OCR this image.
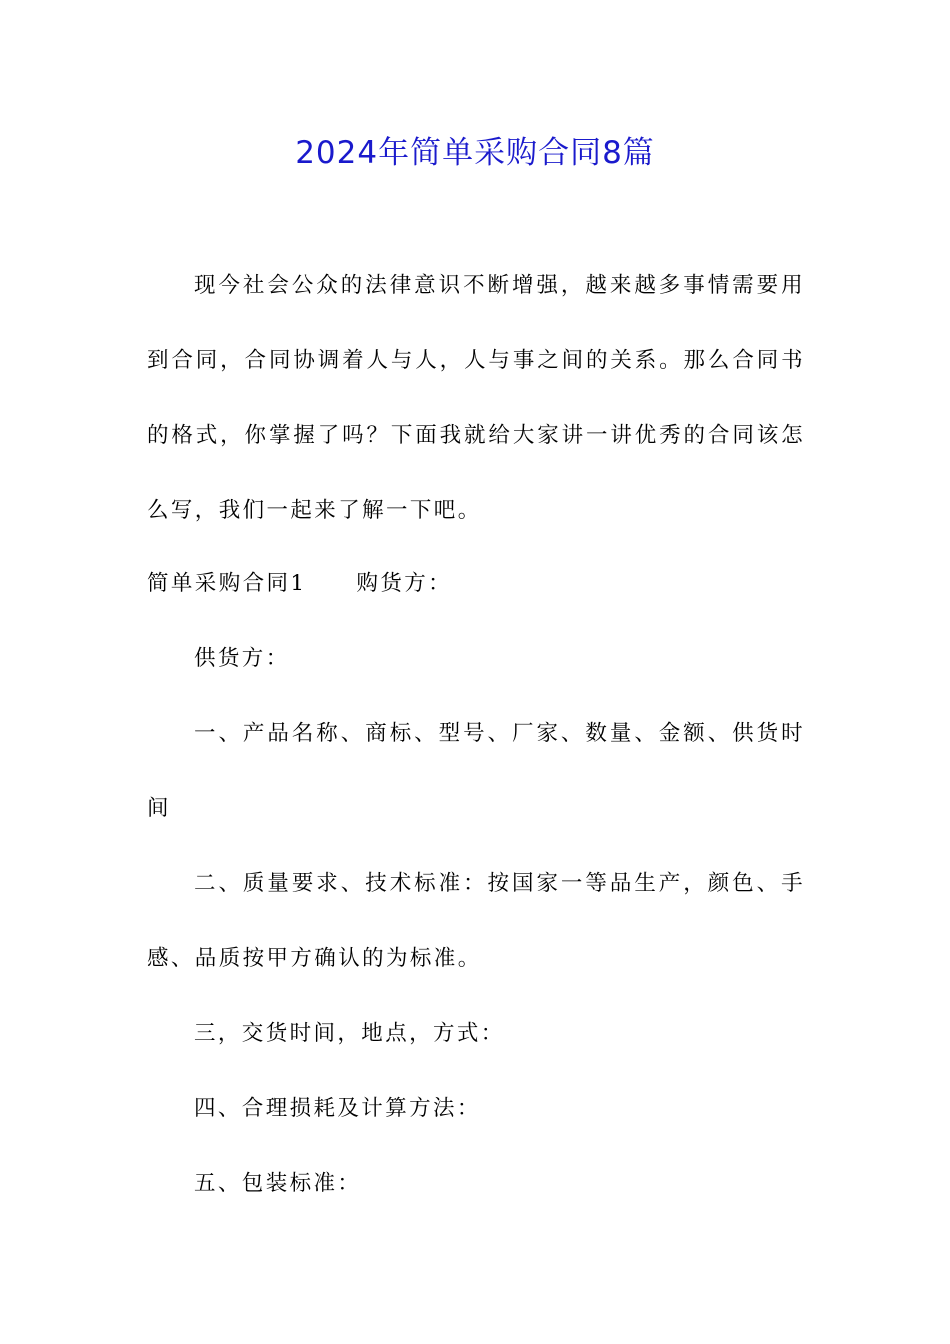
2024年简单采购合同8篇

现今社会公众的法律意识不断增强，越来越多事情需要用到合同，合同协调着人与人，人与事之间的关系。那么合同书的格式，你掌握了吗？下面我就给大家讲一讲优秀的合同该怎么写，我们一起来了解一下吧。

简单采购合同1 购货方：

供货方：

一、产品名称、商标、型号、厂家、数量、金额、供货时间

二、质量要求、技术标准：按国家一等品生产，颜色、手感、品质按甲方确认的为标准。

三，交货时间，地点，方式：

四、合理损耗及计算方法：

五、包装标准：
